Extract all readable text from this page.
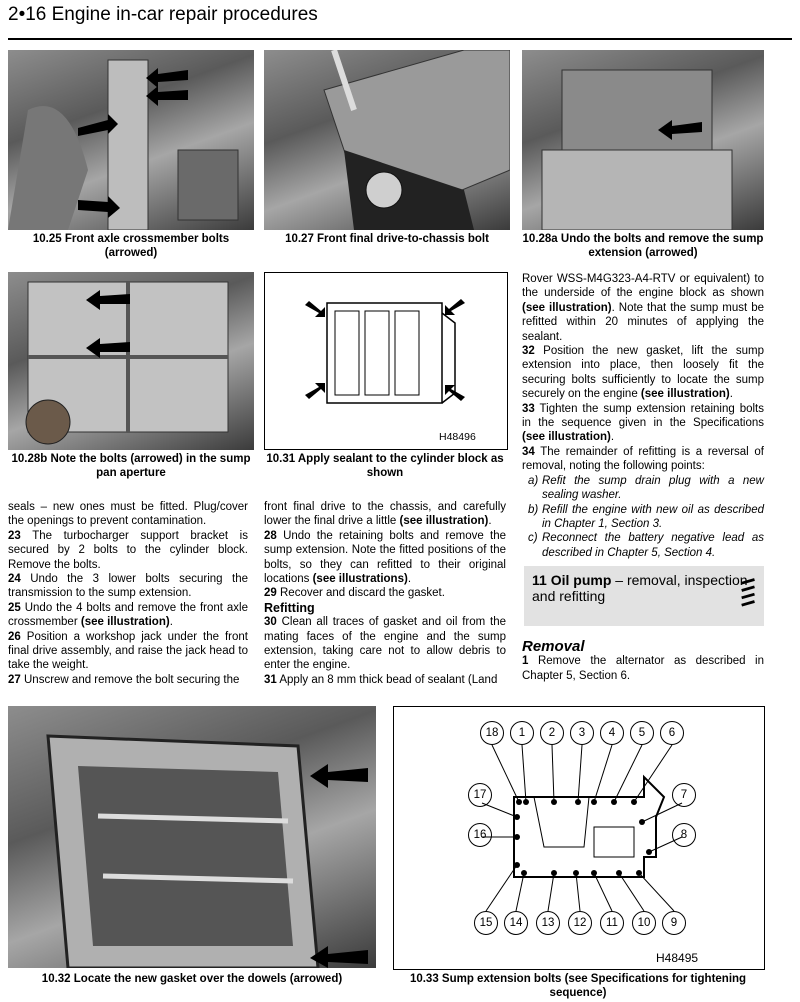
2•16 Engine in-car repair procedures
10.25 Front axle crossmember bolts (arrowed)
10.27 Front final drive-to-chassis bolt	10.28a Undo the bolts and remove the sump extension (arrowed)
10.28b Note the bolts (arrowed) in the sump pan aperture
H48496
10.31 Apply sealant to the cylinder block as shown

seals – new ones must be fitted. Plug/cover the openings to prevent contamination.

23 The turbocharger support bracket is secured by 2 bolts to the cylinder block. Remove the bolts.

24 Undo the 3 lower bolts securing the transmission to the sump extension.

25 Undo the 4 bolts and remove the front axle crossmember (see illustration).

26 Position a workshop jack under the front final drive assembly, and raise the jack head to take the weight.

27 Unscrew and remove the bolt securing the

front final drive to the chassis, and carefully lower the final drive a little (see illustration).

28 Undo the retaining bolts and remove the sump extension. Note the fitted positions of the bolts, so they can refitted to their original locations (see illustrations).

29 Recover and discard the gasket.

Refitting

30 Clean all traces of gasket and oil from the mating faces of the engine and the sump extension, taking care not to allow debris to enter the engine.

31 Apply an 8 mm thick bead of sealant (Land

Rover WSS-M4G323-A4-RTV or equivalent) to the underside of the engine block as shown (see illustration). Note that the sump must be refitted within 20 minutes of applying the sealant.

32 Position the new gasket, lift the sump extension into place, then loosely fit the securing bolts sufficiently to locate the sump securely on the engine (see illustration).

33 Tighten the sump extension retaining bolts in the sequence given in the Specifications (see illustration).

34 The remainder of refitting is a reversal of removal, noting the following points:

a) Refit the sump drain plug with a new sealing washer.
b) Refill the engine with new oil as described in Chapter 1, Section 3.
c) Reconnect the battery negative lead as described in Chapter 5, Section 4.
11 Oil pump – removal, inspection and refitting

Removal

1 Remove the alternator as described in Chapter 5, Section 6.

10.32 Locate the new gasket over the dowels (arrowed)
18	1	2	3	4	5	6
17	7
16	8
15	14	13	12	11	10	9
H48495
10.33 Sump extension bolts (see Specifications for tightening sequence)
